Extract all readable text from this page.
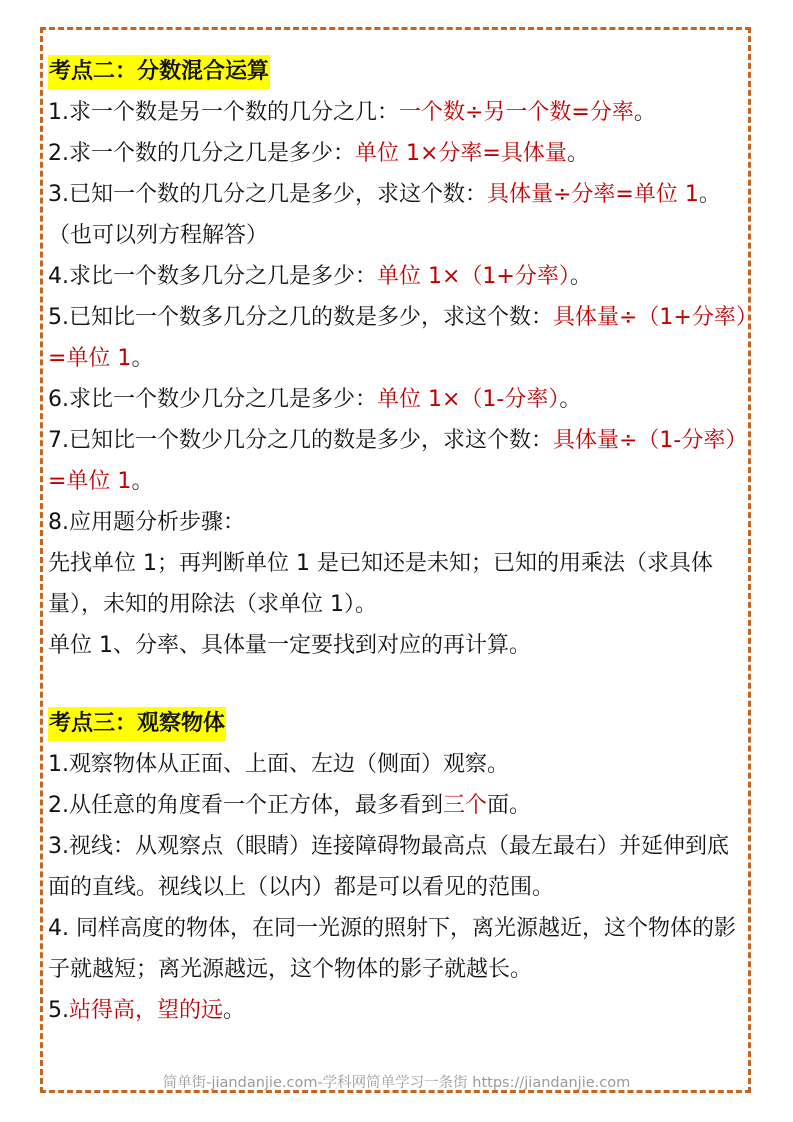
考点二：分数混合运算
1.求一个数是另一个数的几分之几：一个数÷另一个数=分率。
2.求一个数的几分之几是多少：单位 1×分率=具体量。
3.已知一个数的几分之几是多少，求这个数：具体量÷分率=单位 1。（也可以列方程解答）
4.求比一个数多几分之几是多少：单位 1×（1+分率）。
5.已知比一个数多几分之几的数是多少，求这个数：具体量÷（1+分率）=单位 1。
6.求比一个数少几分之几是多少：单位 1×（1-分率）。
7.已知比一个数少几分之几的数是多少，求这个数：具体量÷（1-分率）=单位 1。
8.应用题分析步骤：
先找单位 1；再判断单位 1 是已知还是未知；已知的用乘法（求具体量），未知的用除法（求单位 1）。
单位 1、分率、具体量一定要找到对应的再计算。
考点三：观察物体
1.观察物体从正面、上面、左边（侧面）观察。
2.从任意的角度看一个正方体，最多看到三个面。
3.视线：从观察点（眼睛）连接障碍物最高点（最左最右）并延伸到底面的直线。视线以上（以内）都是可以看见的范围。
4. 同样高度的物体，在同一光源的照射下，离光源越近，这个物体的影子就越短；离光源越远，这个物体的影子就越长。
5.站得高，望的远。
简单街-jiandanjie.com-学科网简单学习一条街 https://jiandanjie.com
